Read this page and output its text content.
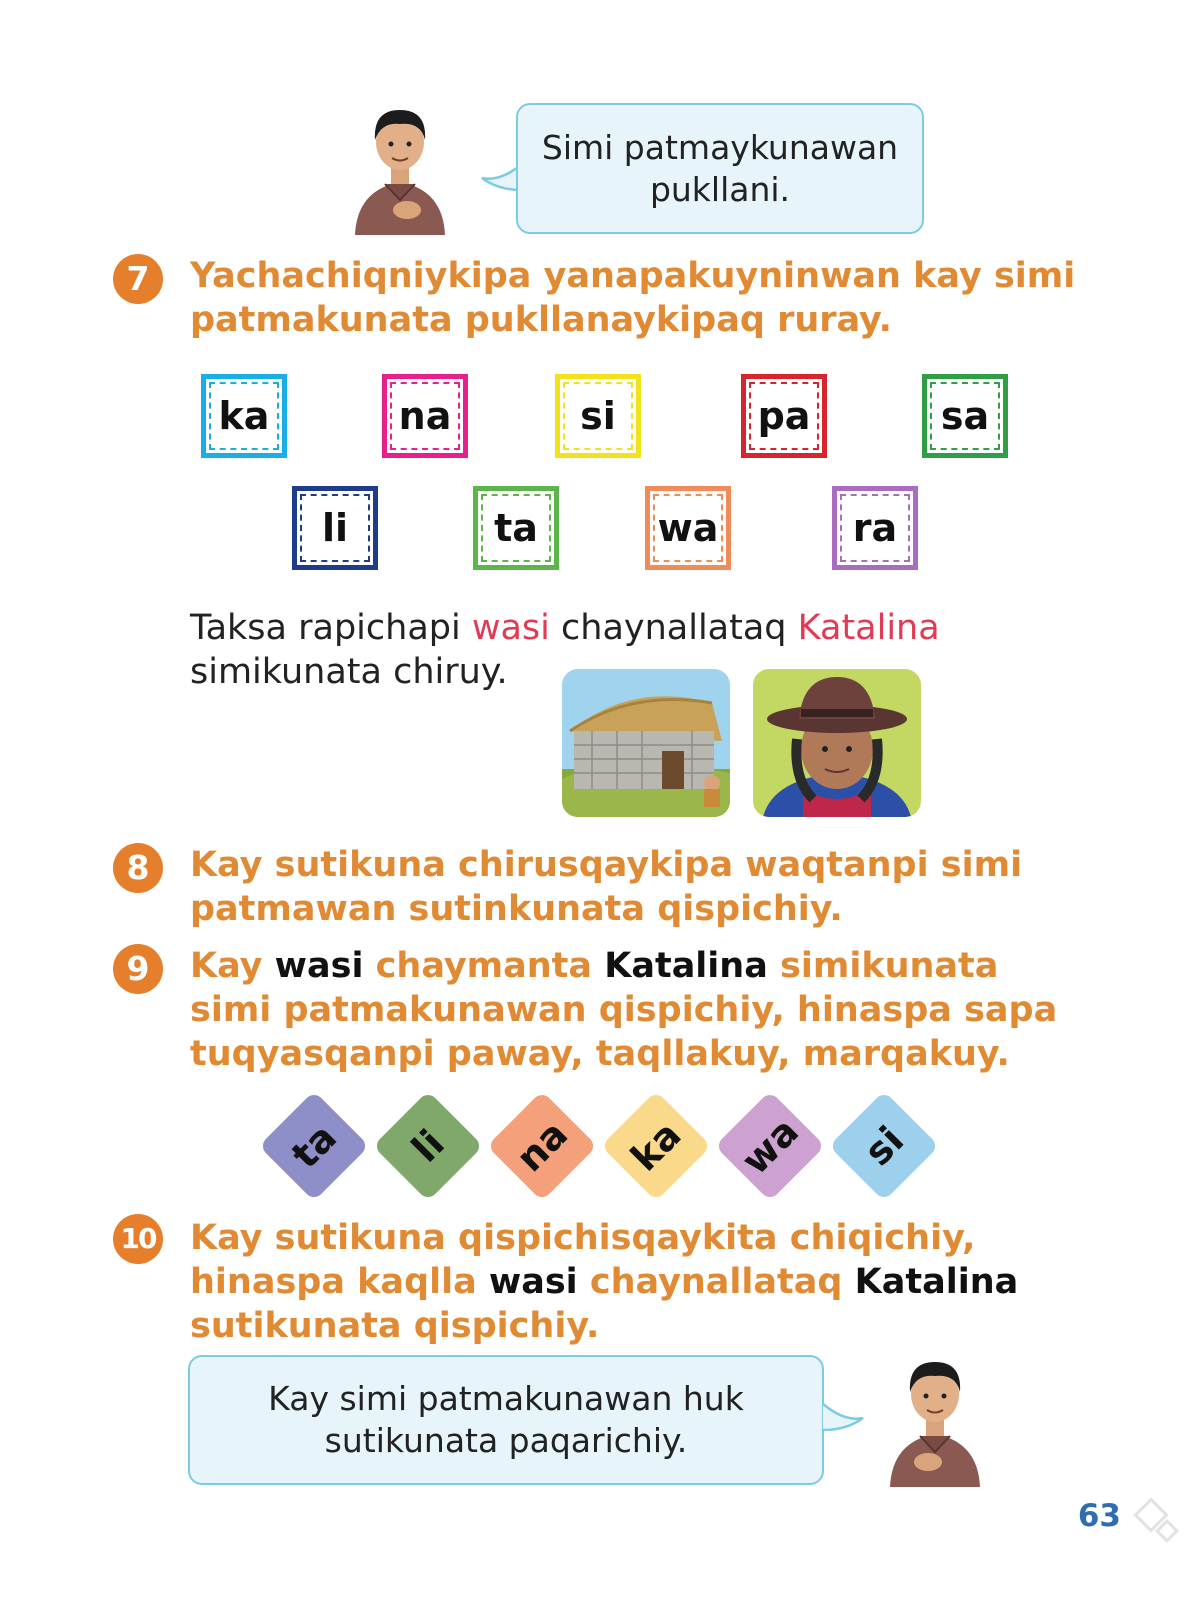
Simi patmaykunawan
pukllani.
7	Yachachiqniykipa yanapakuyninwan kay simi
patmakunata pukllanaykipaq ruray.
ka	na	si	pa	sa
li	ta	wa	ra
Taksa rapichapi wasi chaynallataq Katalina
simikunata chiruy.
8	Kay sutikuna chirusqaykipa waqtanpi simi
patmawan sutinkunata qispichiy.
9	Kay wasi chaymanta Katalina simikunata
simi patmakunawan qispichiy, hinaspa sapa
tuqyasqanpi paway, taqllakuy, marqakuy.
ta	li	na	ka	wa	si
10 Kay sutikuna qispichisqaykita chiqichiy,
hinaspa kaqlla wasi chaynallataq Katalina
sutikunata qispichiy.
Kay simi patmakunawan huk
sutikunata paqarichiy.
63
